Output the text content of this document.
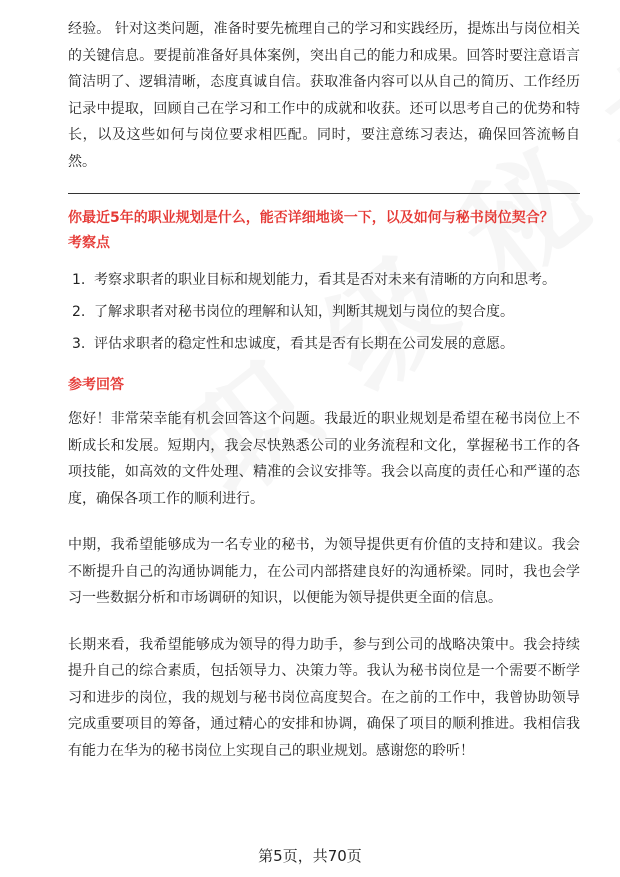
经验。 针对这类问题，准备时要先梳理自己的学习和实践经历，提炼出与岗位相关的关键信息。要提前准备好具体案例，突出自己的能力和成果。回答时要注意语言简洁明了、逻辑清晰，态度真诚自信。获取准备内容可以从自己的简历、工作经历记录中提取，回顾自己在学习和工作中的成就和收获。还可以思考自己的优势和特长，以及这些如何与岗位要求相匹配。同时，要注意练习表达，确保回答流畅自然。

你最近5年的职业规划是什么，能否详细地谈一下，以及如何与秘书岗位契合？

考察点

1. 考察求职者的职业目标和规划能力，看其是否对未来有清晰的方向和思考。
2. 了解求职者对秘书岗位的理解和认知，判断其规划与岗位的契合度。
3. 评估求职者的稳定性和忠诚度，看其是否有长期在公司发展的意愿。

参考回答

您好！非常荣幸能有机会回答这个问题。我最近的职业规划是希望在秘书岗位上不断成长和发展。短期内，我会尽快熟悉公司的业务流程和文化，掌握秘书工作的各项技能，如高效的文件处理、精准的会议安排等。我会以高度的责任心和严谨的态度，确保各项工作的顺利进行。

中期，我希望能够成为一名专业的秘书，为领导提供更有价值的支持和建议。我会不断提升自己的沟通协调能力，在公司内部搭建良好的沟通桥梁。同时，我也会学习一些数据分析和市场调研的知识，以便能为领导提供更全面的信息。

长期来看，我希望能够成为领导的得力助手，参与到公司的战略决策中。我会持续提升自己的综合素质，包括领导力、决策力等。我认为秘书岗位是一个需要不断学习和进步的岗位，我的规划与秘书岗位高度契合。在之前的工作中，我曾协助领导完成重要项目的筹备，通过精心的安排和协调，确保了项目的顺利推进。我相信我有能力在华为的秘书岗位上实现自己的职业规划。感谢您的聆听！

第5页，共70页
